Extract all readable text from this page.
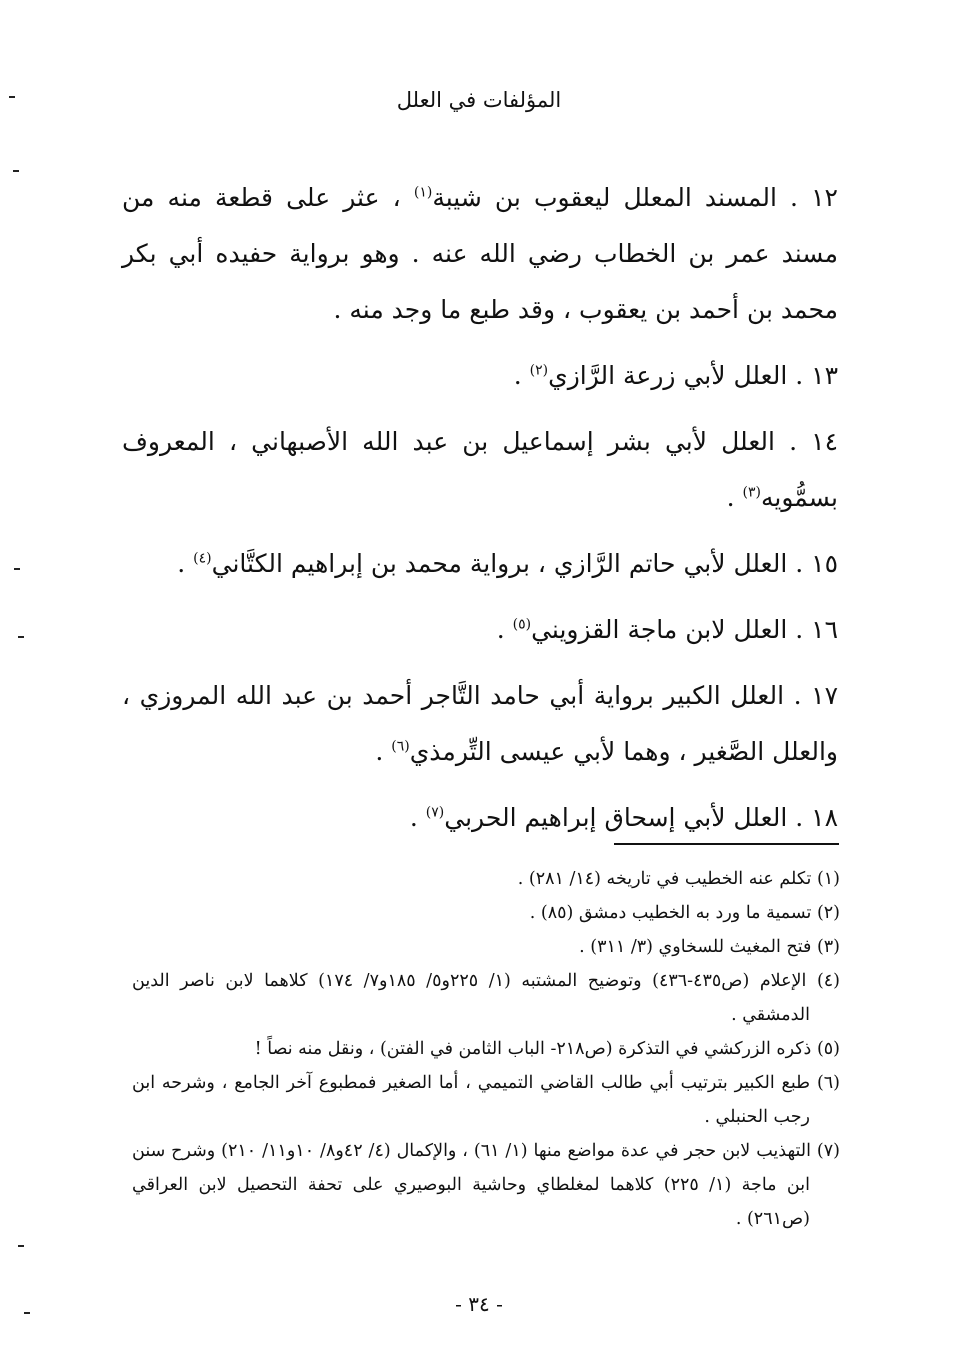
المؤلفات في العلل

١٢ . المسند المعلل ليعقوب بن شيبة$^{(١)}$ ، عثر على قطعة منه من مسند عمر بن الخطاب رضي الله عنه . وهو برواية حفيده أبي بكر محمد بن أحمد بن يعقوب ، وقد طبع ما وجد منه .

١٣ . العلل لأبي زرعة الرَّازي$^{(٢)}$ .

١٤ . العلل لأبي بشر إسماعيل بن عبد الله الأصبهاني ، المعروف بسمُّويه$^{(٣)}$ .

١٥ . العلل لأبي حاتم الرَّازي ، برواية محمد بن إبراهيم الكتَّاني$^{(٤)}$ .

١٦ . العلل لابن ماجة القزويني$^{(٥)}$ .

١٧ . العلل الكبير برواية أبي حامد التَّاجر أحمد بن عبد الله المروزي ، والعلل الصَّغير ، وهما لأبي عيسى التِّرمذي$^{(٦)}$ .

١٨ . العلل لأبي إسحاق إبراهيم الحربي$^{(٧)}$ .

(١) تكلم عنه الخطيب في تاريخه (١٤/ ٢٨١) .
(٢) تسمية ما ورد به الخطيب دمشق (٨٥) .
(٣) فتح المغيث للسخاوي (٣/ ٣١١) .
(٤) الإعلام (ص٤٣٥-٤٣٦) وتوضيح المشتبه (١/ ٢٢٥و٥/ ١٨٥و٧/ ١٧٤) كلاهما لابن ناصر الدين الدمشقي .
(٥) ذكره الزركشي في التذكرة (ص٢١٨- الباب الثامن في الفتن) ، ونقل منه نصاً !
(٦) طبع الكبير بترتيب أبي طالب القاضي التميمي ، أما الصغير فمطبوع آخر الجامع ، وشرحه ابن رجب الحنبلي .
(٧) التهذيب لابن حجر في عدة مواضع منها (١/ ٦١) ، والإكمال (٤/ ٤٢و٨/ ١٠و١١/ ٢١٠) وشرح سنن ابن ماجة (١/ ٢٢٥) كلاهما لمغلطاي وحاشية البوصيري على تحفة التحصيل لابن العراقي (ص٢٦١) .
- ٣٤ -
